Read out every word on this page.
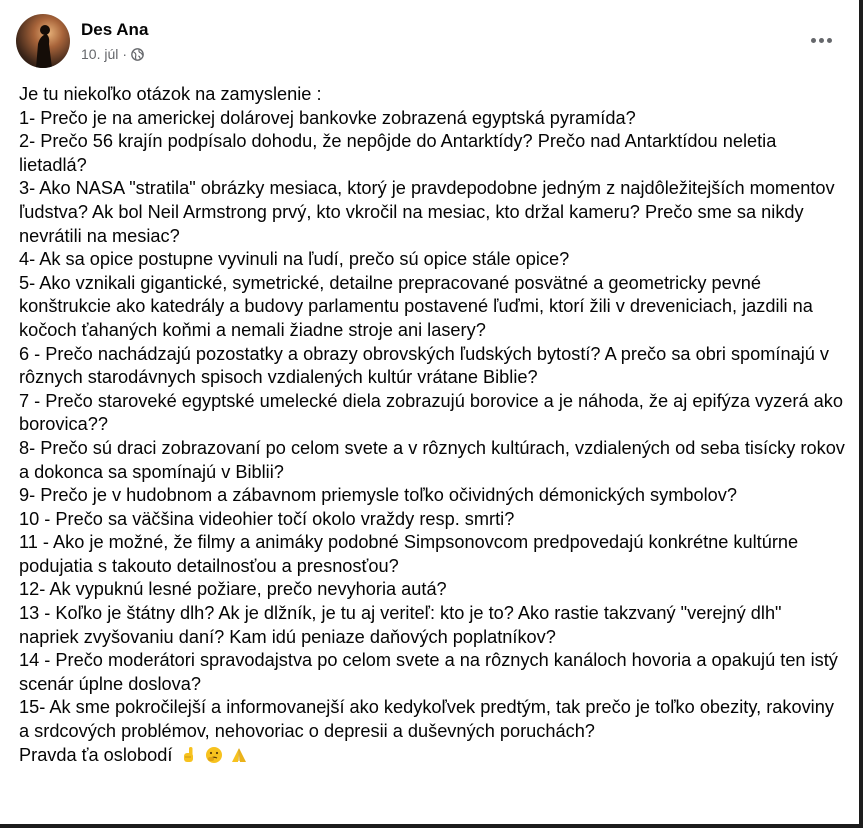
Des Ana
10. júl ·

Je tu niekoľko otázok na zamyslenie :

1- Prečo je na americkej dolárovej bankovke zobrazená egyptská pyramída?

2- Prečo 56 krajín podpísalo dohodu, že nepôjde do Antarktídy? Prečo nad Antarktídou neletia lietadlá?

3- Ako NASA "stratila" obrázky mesiaca, ktorý je pravdepodobne jedným z najdôležitejších momentov ľudstva? Ak bol Neil Armstrong prvý, kto vkročil na mesiac, kto držal kameru? Prečo sme sa nikdy nevrátili na mesiac?

4- Ak sa opice postupne vyvinuli na ľudí, prečo sú opice stále opice?

5- Ako vznikali gigantické, symetrické, detailne prepracované posvätné a geometricky pevné konštrukcie ako katedrály a budovy parlamentu postavené ľuďmi, ktorí žili v dreveniciach, jazdili na kočoch ťahaných koňmi a nemali žiadne stroje ani lasery?

6 - Prečo nachádzajú pozostatky a obrazy obrovských ľudských bytostí? A prečo sa obri spomínajú v rôznych starodávnych spisoch vzdialených kultúr vrátane Biblie?

7 - Prečo staroveké egyptské umelecké diela zobrazujú borovice a je náhoda, že aj epifýza vyzerá ako borovica??

8- Prečo sú draci zobrazovaní po celom svete a v rôznych kultúrach, vzdialených od seba tisícky rokov a dokonca sa spomínajú v Biblii?

9- Prečo je v hudobnom a zábavnom priemysle toľko očividných démonických symbolov?

10 - Prečo sa väčšina videohier točí okolo vraždy resp. smrti?

11 - Ako je možné, že filmy a animáky podobné Simpsonovcom predpovedajú konkrétne kultúrne podujatia s takouto detailnosťou a presnosťou?

12- Ak vypuknú lesné požiare, prečo nevyhoria autá?

13 - Koľko je štátny dlh? Ak je dlžník, je tu aj veriteľ: kto je to? Ako rastie takzvaný "verejný dlh" napriek zvyšovaniu daní? Kam idú peniaze daňových poplatníkov?

14 - Prečo moderátori spravodajstva po celom svete a na rôznych kanáloch hovoria a opakujú ten istý scenár úplne doslova?

15- Ak sme pokročilejší a informovanejší ako kedykoľvek predtým, tak prečo je toľko obezity, rakoviny a srdcových problémov, nehovoriac o depresii a duševných poruchách?

Pravda ťa oslobodí
